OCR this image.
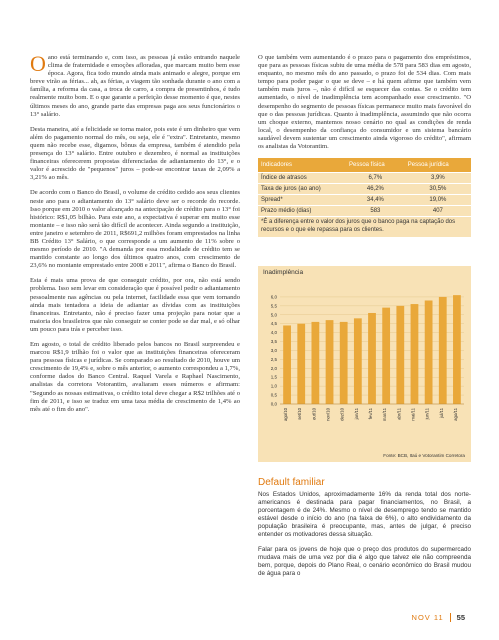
Oano está terminando e, com isso, as pessoas já estão entrando naquele clima de fraternidade e emoções afloradas, que marcam muito bem esse época. Agora, fica todo mundo ainda mais animado e alegre, porque em breve virão as férias... ah, as férias, a viagem tão sonhada durante o ano com a família, a reforma da casa, a troca de carro, a compra de presentinhos, é tudo realmente muito bom. E o que garante a perfeição desse momento é que, nestes últimos meses do ano, grande parte das empresas paga aos seus funcionários o 13° salário.

Desta maneira, até a felicidade se torna maior, pois este é um dinheiro que vem além do pagamento normal do mês, ou seja, ele é "extra". Entretanto, mesmo quem não recebe esse, digamos, bônus da empresa, também é atendido pela presença do 13° salário. Entre outubro e dezembro, é normal as instituições financeiras oferecerem propostas diferenciadas de adiantamento do 13°, e o valor é acrescido de "pequenos" juros – pode-se encontrar taxas de 2,09% a 3,21% ao mês.

De acordo com o Banco do Brasil, o volume de crédito cedido aos seus clientes neste ano para o adiantamento do 13° salário deve ser o recorde do recorde. Isso porque em 2010 o valor alcançado na antecipação de crédito para o 13° foi histórico: R$1,05 bilhão. Para este ano, a expectativa é superar em muito esse montante – e isso não será tão difícil de acontecer. Ainda segundo a instituição, entre janeiro e setembro de 2011, R$691,2 milhões foram emprestados na linha BB Crédito 13° Salário, o que corresponde a um aumento de 11% sobre o mesmo período de 2010. "A demanda por essa modalidade de crédito tem se mantido constante ao longo dos últimos quatro anos, com crescimento de 23,6% no montante emprestado entre 2008 e 2011", afirma o Banco do Brasil.

Esta é mais uma prova de que conseguir crédito, por ora, não está sendo problema. Isso sem levar em consideração que é possível pedir o adiantamento pessoalmente nas agências ou pela internet, facilidade essa que vem tornando ainda mais tentadora a ideia de adiantar as dívidas com as instituições financeiras. Entretanto, não é preciso fazer uma projeção para notar que a maioria dos brasileiros que não conseguir se conter pode se dar mal, e só olhar um pouco para trás e perceber isso.

Em agosto, o total de crédito liberado pelos bancos no Brasil surpreendeu e marcou R$1,9 trilhão foi o valor que as instituições financeiras ofereceram para pessoas físicas e jurídicas. Se comparado ao resultado de 2010, houve um crescimento de 19,4% e, sobre o mês anterior, o aumento correspondeu a 1,7%, conforme dados do Banco Central. Raquel Varela e Raphael Nascimento, analistas da corretora Votorantim, avaliaram esses números e afirmam: "Segundo as nossas estimativas, o crédito total deve chegar a R$2 trilhões até o fim de 2011, e isso se traduz em uma taxa média de crescimento de 1,4% ao mês até o fim do ano".

O que também vem aumentando é o prazo para o pagamento dos empréstimos, que para as pessoas físicas subiu de uma média de 578 para 583 dias em agosto, enquanto, no mesmo mês do ano passado, o prazo foi de 534 dias. Com mais tempo para poder pagar o que se deve – e há quem afirme que também vem também mais juros –, não é difícil se esquecer das contas. Se o crédito tem aumentado, o nível de inadimplência tem acompanhado esse crescimento. "O desempenho do segmento de pessoas físicas permanece muito mais favorável do que o das pessoas jurídicas. Quanto à inadimplência, assumindo que não ocorra um choque externo, mantemos nosso cenário no qual as condições de renda local, o desempenho da confiança do consumidor e um sistema bancário saudável devem sustentar um crescimento ainda vigoroso do crédito", afirmam os analistas da Votorantim.

Indicadores	Pessoa física	Pessoa jurídica
Índice de atrasos	6,7%	3,9%
Taxa de juros (ao ano)	46,2%	30,5%
Spread*	34,4%	19,0%
Prazo médio (dias)	583	407
*É a diferença entre o valor dos juros que o banco paga na captação dos recursos e o que ele repassa para os clientes.
Inadimplência
0,0
0,5
1,0
1,5
2,0
2,5
3,0
3,5
4,0
4,5
5,0
5,5
6,0
ago/10 set/10 out/10 nov/10 dez/10 jan/11 fev/11 mar/11 abr/11 mai/11 jun/11 jul/11 ago/11
Fonte: BCB, Itaú e Votorantim Corretora
Default familiar

Nos Estados Unidos, aproximadamente 16% da renda total dos norte-americanos é destinada para pagar financiamentos, no Brasil, a porcentagem é de 24%. Mesmo o nível de desemprego tendo se mantido estável desde o início do ano (na faixa de 6%), o alto endividamento da população brasileira é preocupante, mas, antes de julgar, é preciso entender os motivadores dessa situação.

Falar para os jovens de hoje que o preço dos produtos do supermercado mudava mais de uma vez por dia é algo que talvez ele não compreenda bem, porque, depois do Plano Real, o cenário econômico do Brasil mudou de água para o

NOV 11 55
